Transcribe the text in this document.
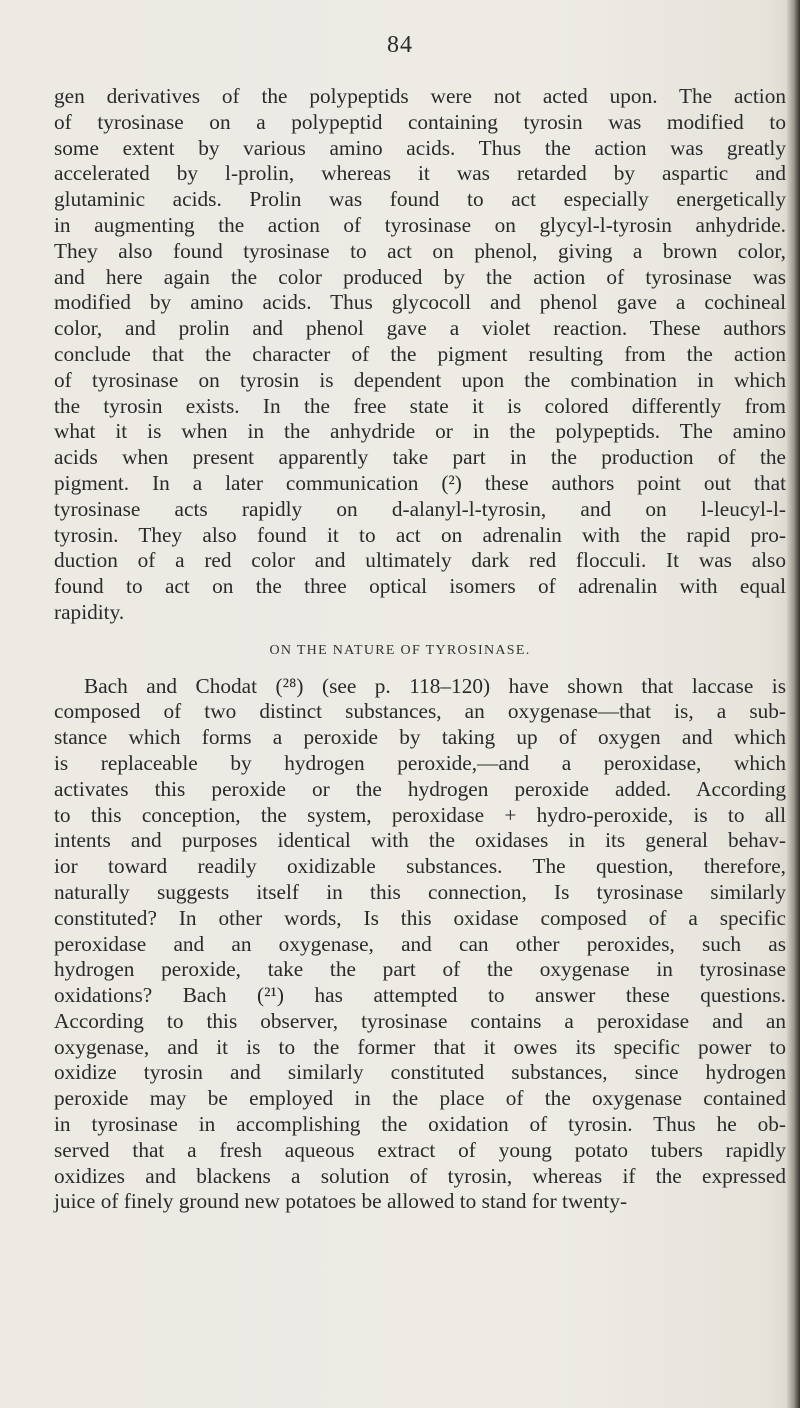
84
gen derivatives of the polypeptids were not acted upon. The action
of tyrosinase on a polypeptid containing tyrosin was modified to
some extent by various amino acids. Thus the action was greatly
accelerated by l-prolin, whereas it was retarded by aspartic and
glutaminic acids. Prolin was found to act especially energetically
in augmenting the action of tyrosinase on glycyl-l-tyrosin anhydride.
They also found tyrosinase to act on phenol, giving a brown color,
and here again the color produced by the action of tyrosinase was
modified by amino acids. Thus glycocoll and phenol gave a cochineal
color, and prolin and phenol gave a violet reaction. These authors
conclude that the character of the pigment resulting from the action
of tyrosinase on tyrosin is dependent upon the combination in which
the tyrosin exists. In the free state it is colored differently from
what it is when in the anhydride or in the polypeptids. The amino
acids when present apparently take part in the production of the
pigment. In a later communication (²) these authors point out that
tyrosinase acts rapidly on d-alanyl-l-tyrosin, and on l-leucyl-l-
tyrosin. They also found it to act on adrenalin with the rapid pro-
duction of a red color and ultimately dark red flocculi. It was also
found to act on the three optical isomers of adrenalin with equal
rapidity.
ON THE NATURE OF TYROSINASE.
Bach and Chodat (²⁸) (see p. 118–120) have shown that laccase is
composed of two distinct substances, an oxygenase—that is, a sub-
stance which forms a peroxide by taking up of oxygen and which
is replaceable by hydrogen peroxide,—and a peroxidase, which
activates this peroxide or the hydrogen peroxide added. According
to this conception, the system, peroxidase + hydro-peroxide, is to all
intents and purposes identical with the oxidases in its general behav-
ior toward readily oxidizable substances. The question, therefore,
naturally suggests itself in this connection, Is tyrosinase similarly
constituted? In other words, Is this oxidase composed of a specific
peroxidase and an oxygenase, and can other peroxides, such as
hydrogen peroxide, take the part of the oxygenase in tyrosinase
oxidations? Bach (²¹) has attempted to answer these questions.
According to this observer, tyrosinase contains a peroxidase and an
oxygenase, and it is to the former that it owes its specific power to
oxidize tyrosin and similarly constituted substances, since hydrogen
peroxide may be employed in the place of the oxygenase contained
in tyrosinase in accomplishing the oxidation of tyrosin. Thus he ob-
served that a fresh aqueous extract of young potato tubers rapidly
oxidizes and blackens a solution of tyrosin, whereas if the expressed
juice of finely ground new potatoes be allowed to stand for twenty-
